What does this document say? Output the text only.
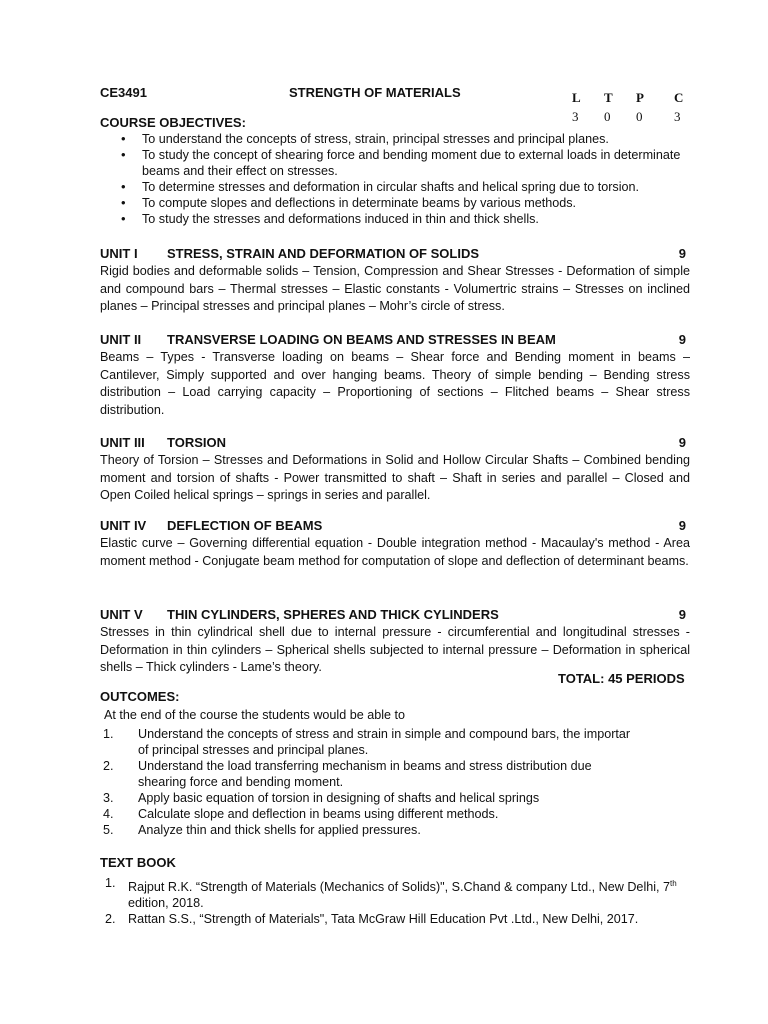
CE3491	STRENGTH OF MATERIALS	L	T	P	C
3	0	0	3
COURSE OBJECTIVES:
• To understand the concepts of stress, strain, principal stresses and principal planes.
• To study the concept of shearing force and bending moment due to external loads in determinate beams and their effect on stresses.
• To determine stresses and deformation in circular shafts and helical spring due to torsion.
• To compute slopes and deflections in determinate beams by various methods.
• To study the stresses and deformations induced in thin and thick shells.
UNIT I STRESS, STRAIN AND DEFORMATION OF SOLIDS	9
Rigid bodies and deformable solids – Tension, Compression and Shear Stresses - Deformation of simple and compound bars – Thermal stresses – Elastic constants - Volumertric strains – Stresses on inclined planes – Principal stresses and principal planes – Mohr’s circle of stress.
UNIT II TRANSVERSE LOADING ON BEAMS AND STRESSES IN BEAM	9
Beams – Types - Transverse loading on beams – Shear force and Bending moment in beams – Cantilever, Simply supported and over hanging beams. Theory of simple bending – Bending stress distribution – Load carrying capacity – Proportioning of sections – Flitched beams – Shear stress distribution.
UNIT III TORSION	9
Theory of Torsion – Stresses and Deformations in Solid and Hollow Circular Shafts – Combined bending moment and torsion of shafts - Power transmitted to shaft – Shaft in series and parallel – Closed and Open Coiled helical springs – springs in series and parallel.
UNIT IV DEFLECTION OF BEAMS	9
Elastic curve – Governing differential equation - Double integration method - Macaulay's method - Area moment method - Conjugate beam method for computation of slope and deflection of determinant beams.
UNIT V THIN CYLINDERS, SPHERES AND THICK CYLINDERS	9
Stresses in thin cylindrical shell due to internal pressure - circumferential and longitudinal stresses - Deformation in thin cylinders – Spherical shells subjected to internal pressure – Deformation in spherical shells – Thick cylinders - Lame’s theory.
TOTAL: 45 PERIODS
OUTCOMES:
At the end of the course the students would be able to
1.	Understand the concepts of stress and strain in simple and compound bars, the importar
of principal stresses and principal planes.
2.	Understand the load transferring mechanism in beams and stress distribution due
shearing force and bending moment.
3.	Apply basic equation of torsion in designing of shafts and helical springs
4.	Calculate slope and deflection in beams using different methods.
5.	Analyze thin and thick shells for applied pressures.
TEXT BOOK
1. Rajput R.K. “Strength of Materials (Mechanics of Solids)", S.Chand & company Ltd., New Delhi, 7th
edition, 2018.
2. Rattan S.S., “Strength of Materials", Tata McGraw Hill Education Pvt .Ltd., New Delhi, 2017.
